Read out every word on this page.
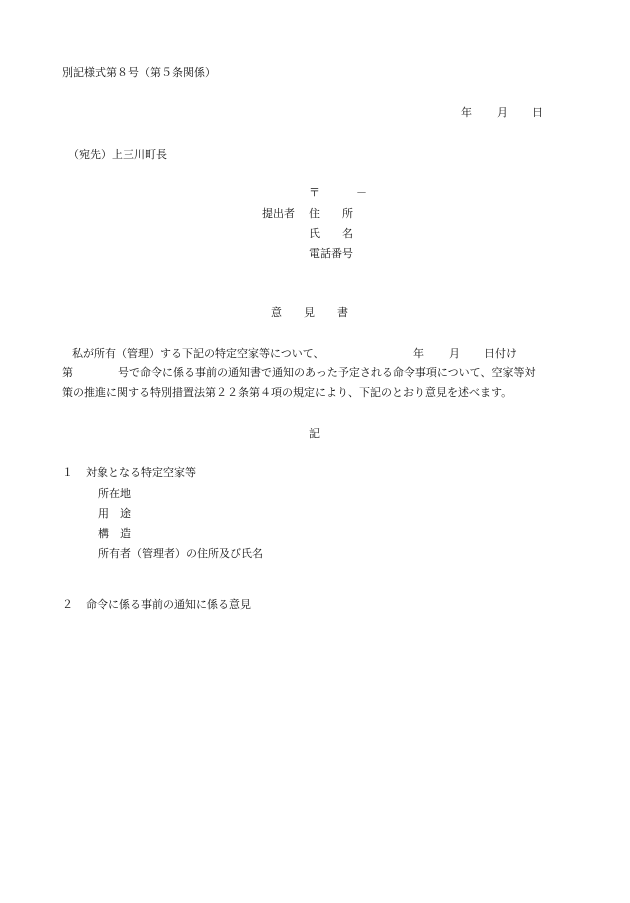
別記様式第８号（第５条関係）
年 月 日
（宛先）上三川町長
〒	－
提出者 住　　所
氏　　名
電話番号
意　　見　　書
私が所有（管理）する下記の特定空家等について、	年 月 日付け
第	号で命令に係る事前の通知書で通知のあった予定される命令事項について、空家等対
策の推進に関する特別措置法第２２条第４項の規定により、下記のとおり意見を述べます。
記
１ 対象となる特定空家等
所在地
用　途
構　造
所有者（管理者）の住所及び氏名
２ 命令に係る事前の通知に係る意見
